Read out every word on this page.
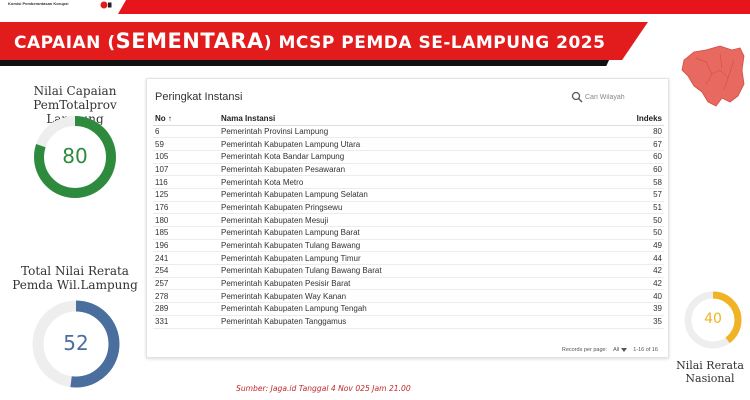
Komisi Pemberantasan Korupsi
CAPAIAN (SEMENTARA) MCSP PEMDA SE-LAMPUNG 2025
Nilai Capaian
PemTotalprov Lampung
80
Total Nilai Rerata
Pemda Wil.Lampung
52
40
Nilai Rerata
Nasional
Peringkat Instansi
Cari Wilayah
No ↑	Nama Instansi	Indeks
6	Pemerintah Provinsi Lampung	80
59	Pemerintah Kabupaten Lampung Utara	67
105	Pemerintah Kota Bandar Lampung	60
107	Pemerintah Kabupaten Pesawaran	60
116	Pemerintah Kota Metro	58
125	Pemerintah Kabupaten Lampung Selatan	57
176	Pemerintah Kabupaten Pringsewu	51
180	Pemerintah Kabupaten Mesuji	50
185	Pemerintah Kabupaten Lampung Barat	50
196	Pemerintah Kabupaten Tulang Bawang	49
241	Pemerintah Kabupaten Lampung Timur	44
254	Pemerintah Kabupaten Tulang Bawang Barat	42
257	Pemerintah Kabupaten Pesisir Barat	42
278	Pemerintah Kabupaten Way Kanan	40
289	Pemerintah Kabupaten Lampung Tengah	39
331	Pemerintah Kabupaten Tanggamus	35
Records per page: All	1-16 of 16
Sumber: Jaga.id Tanggal 4 Nov 025 Jam 21.00
